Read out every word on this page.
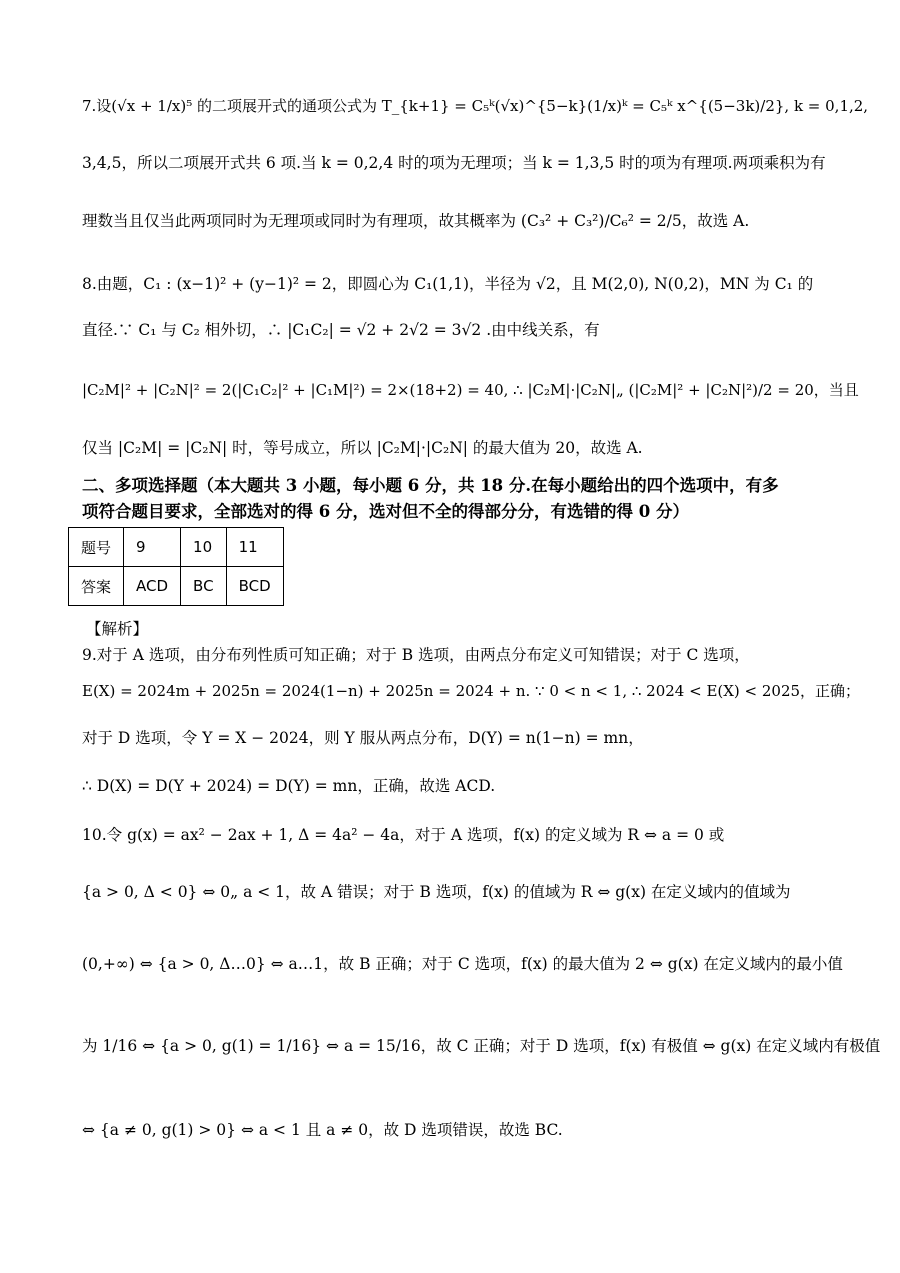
7.设(√x + 1/x)⁵ 的二项展开式的通项公式为 T_{k+1} = C₅ᵏ(√x)^{5−k}(1/x)ᵏ = C₅ᵏ x^{(5−3k)/2}, k = 0,1,2,
3,4,5，所以二项展开式共 6 项.当 k = 0,2,4 时的项为无理项；当 k = 1,3,5 时的项为有理项.两项乘积为有
理数当且仅当此两项同时为无理项或同时为有理项，故其概率为 (C₃² + C₃²)/C₆² = 2/5，故选 A.
8.由题，C₁ : (x−1)² + (y−1)² = 2，即圆心为 C₁(1,1)，半径为 √2，且 M(2,0), N(0,2)，MN 为 C₁ 的
直径.∵ C₁ 与 C₂ 相外切，∴ |C₁C₂| = √2 + 2√2 = 3√2 .由中线关系，有
|C₂M|² + |C₂N|² = 2(|C₁C₂|² + |C₁M|²) = 2×(18+2) = 40, ∴ |C₂M|·|C₂N|„ (|C₂M|² + |C₂N|²)/2 = 20，当且
仅当 |C₂M| = |C₂N| 时，等号成立，所以 |C₂M|·|C₂N| 的最大值为 20，故选 A.
二、多项选择题（本大题共 3 小题，每小题 6 分，共 18 分.在每小题给出的四个选项中，有多
项符合题目要求，全部选对的得 6 分，选对但不全的得部分分，有选错的得 0 分）
题号	9	10	11
答案	ACD	BC	BCD
【解析】
9.对于 A 选项，由分布列性质可知正确；对于 B 选项，由两点分布定义可知错误；对于 C 选项，
E(X) = 2024m + 2025n = 2024(1−n) + 2025n = 2024 + n. ∵ 0 < n < 1, ∴ 2024 < E(X) < 2025，正确；
对于 D 选项，令 Y = X − 2024，则 Y 服从两点分布，D(Y) = n(1−n) = mn，
∴ D(X) = D(Y + 2024) = D(Y) = mn，正确，故选 ACD.
10.令 g(x) = ax² − 2ax + 1, Δ = 4a² − 4a，对于 A 选项，f(x) 的定义域为 R ⇔ a = 0 或
{a > 0, Δ < 0} ⇔ 0„ a < 1，故 A 错误；对于 B 选项，f(x) 的值域为 R ⇔ g(x) 在定义域内的值域为
(0,+∞) ⇔ {a > 0, Δ…0} ⇔ a…1，故 B 正确；对于 C 选项，f(x) 的最大值为 2 ⇔ g(x) 在定义域内的最小值
为 1/16 ⇔ {a > 0, g(1) = 1/16} ⇔ a = 15/16，故 C 正确；对于 D 选项，f(x) 有极值 ⇔ g(x) 在定义域内有极值
⇔ {a ≠ 0, g(1) > 0} ⇔ a < 1 且 a ≠ 0，故 D 选项错误，故选 BC.
